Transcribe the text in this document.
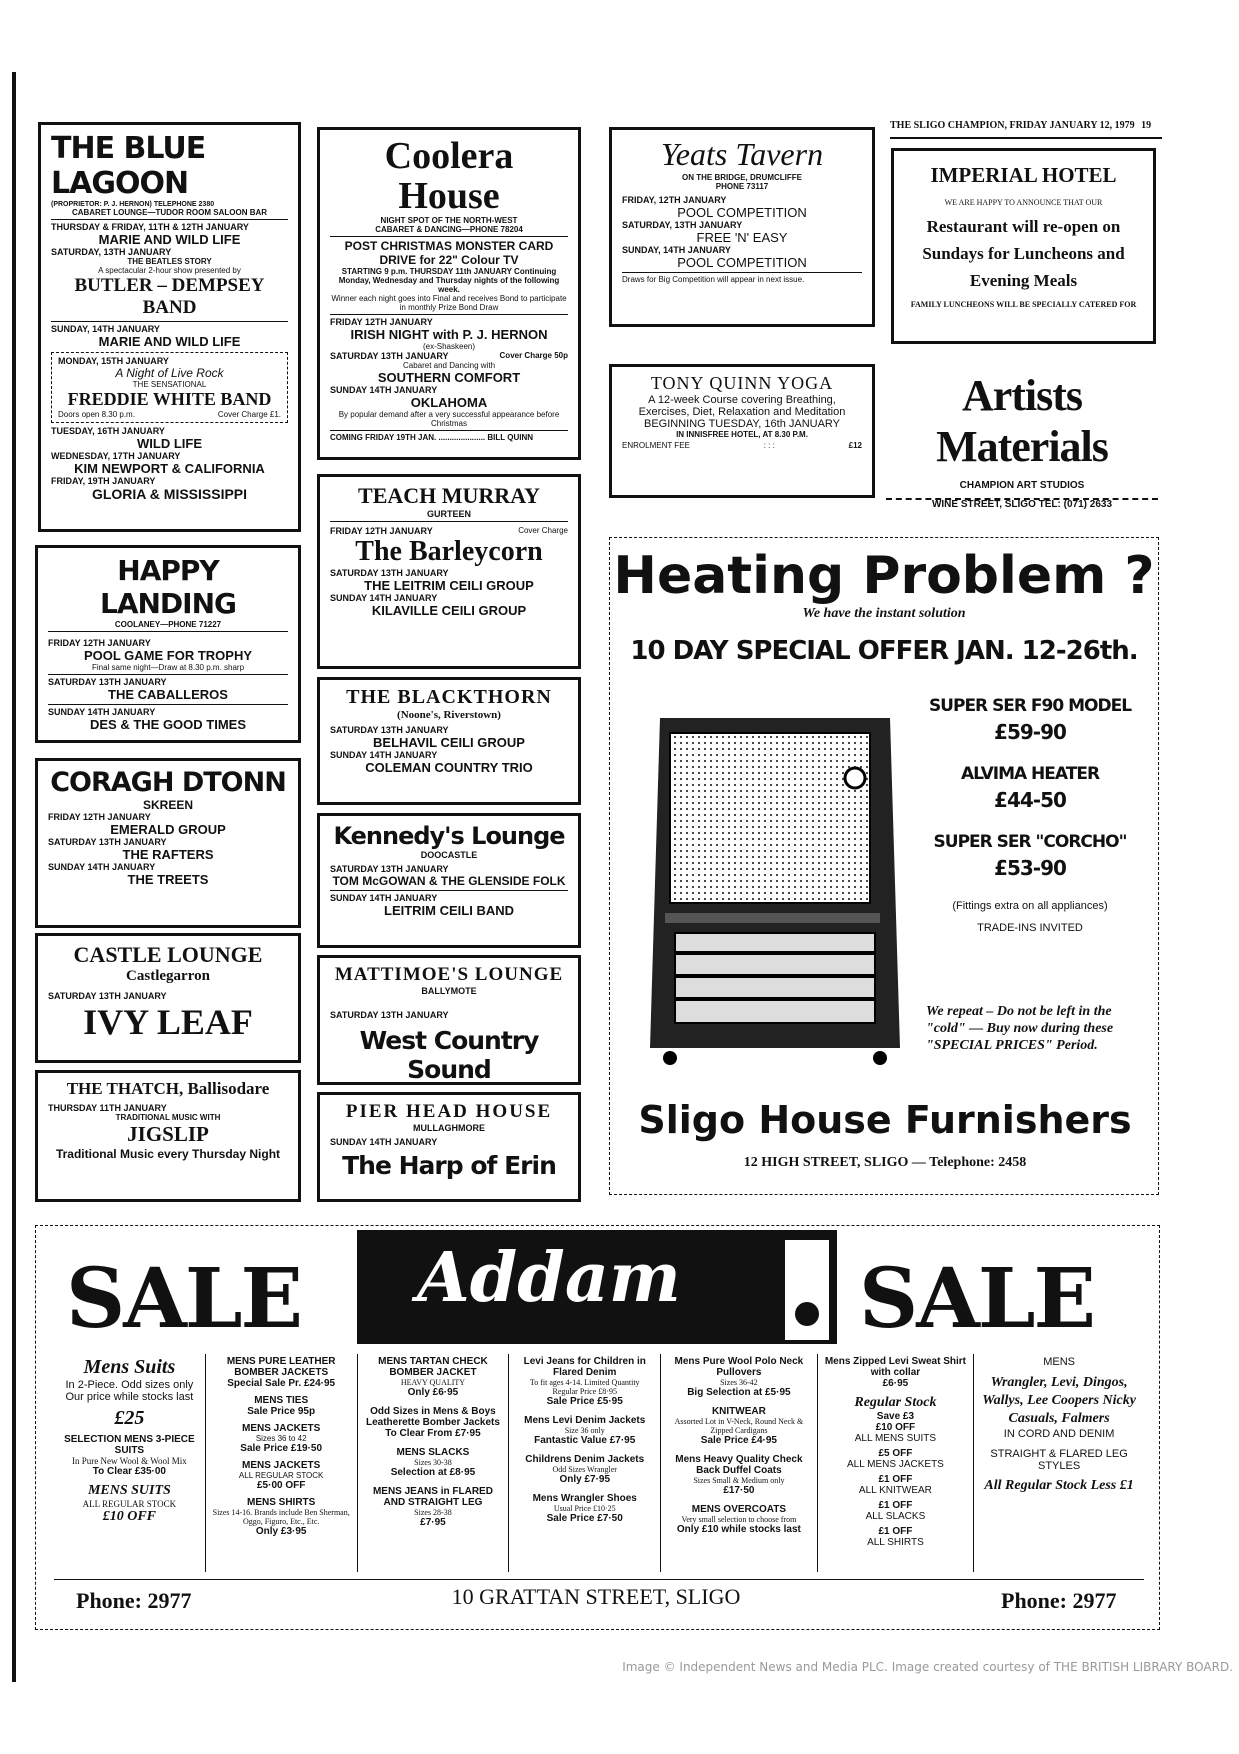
THE SLIGO CHAMPION, FRIDAY JANUARY 12, 1979 19
THE BLUE LAGOON
(PROPRIETOR: P. J. HERNON) TELEPHONE 2380
CABARET LOUNGE—TUDOR ROOM SALOON BAR
THURSDAY & FRIDAY, 11TH & 12TH JANUARY
MARIE AND WILD LIFE
SATURDAY, 13TH JANUARY
THE BEATLES STORY
A spectacular 2-hour show presented by
BUTLER – DEMPSEY BAND
SUNDAY, 14TH JANUARY
MARIE AND WILD LIFE
MONDAY, 15TH JANUARY
A Night of Live Rock
THE SENSATIONAL
FREDDIE WHITE BAND
Doors open 8.30 p.m.	Cover Charge £1.
TUESDAY, 16TH JANUARY
WILD LIFE
WEDNESDAY, 17TH JANUARY
KIM NEWPORT & CALIFORNIA
FRIDAY, 19TH JANUARY
GLORIA & MISSISSIPPI
HAPPY LANDING
COOLANEY—PHONE 71227
FRIDAY 12TH JANUARY
POOL GAME FOR TROPHY
Final same night—Draw at 8.30 p.m. sharp
SATURDAY 13TH JANUARY
THE CABALLEROS
SUNDAY 14TH JANUARY
DES & THE GOOD TIMES
CORAGH DTONN
SKREEN
FRIDAY 12TH JANUARY
EMERALD GROUP
SATURDAY 13TH JANUARY
THE RAFTERS
SUNDAY 14TH JANUARY
THE TREETS
CASTLE LOUNGE
Castlegarron
SATURDAY 13TH JANUARY
IVY LEAF
THE THATCH, Ballisodare
THURSDAY 11TH JANUARY
TRADITIONAL MUSIC WITH
JIGSLIP
Traditional Music every Thursday Night
Coolera House
NIGHT SPOT OF THE NORTH-WEST
CABARET & DANCING—PHONE 78204
POST CHRISTMAS MONSTER CARD DRIVE for 22" Colour TV
STARTING 9 p.m. THURSDAY 11th JANUARY Continuing Monday, Wednesday and Thursday nights of the following week.
Winner each night goes into Final and receives Bond to participate in monthly Prize Bond Draw
FRIDAY 12TH JANUARY
IRISH NIGHT with P. J. HERNON
(ex-Shaskeen)
SATURDAY 13TH JANUARY	Cover Charge 50p
Cabaret and Dancing with
SOUTHERN COMFORT
SUNDAY 14TH JANUARY
OKLAHOMA
By popular demand after a very successful appearance before Christmas
COMING FRIDAY 19TH JAN. ..................... BILL QUINN
TEACH MURRAY
GURTEEN
FRIDAY 12TH JANUARY	Cover Charge
The Barleycorn
SATURDAY 13TH JANUARY
THE LEITRIM CEILI GROUP
SUNDAY 14TH JANUARY
KILAVILLE CEILI GROUP
THE BLACKTHORN
(Noone's, Riverstown)
SATURDAY 13TH JANUARY
BELHAVIL CEILI GROUP
SUNDAY 14TH JANUARY
COLEMAN COUNTRY TRIO
Kennedy's Lounge
DOOCASTLE
SATURDAY 13TH JANUARY
TOM McGOWAN & THE GLENSIDE FOLK
SUNDAY 14TH JANUARY
LEITRIM CEILI BAND
MATTIMOE'S LOUNGE
BALLYMOTE
SATURDAY 13TH JANUARY
West Country Sound
PIER HEAD HOUSE
MULLAGHMORE
SUNDAY 14TH JANUARY
The Harp of Erin
Yeats Tavern
ON THE BRIDGE, DRUMCLIFFE
PHONE 73117
FRIDAY, 12TH JANUARY
POOL COMPETITION
SATURDAY, 13TH JANUARY
FREE 'N' EASY
SUNDAY, 14TH JANUARY
POOL COMPETITION
Draws for Big Competition will appear in next issue.
IMPERIAL HOTEL
WE ARE HAPPY TO ANNOUNCE THAT OUR
Restaurant will re-open on Sundays for Luncheons and Evening Meals
FAMILY LUNCHEONS WILL BE SPECIALLY CATERED FOR
TONY QUINN YOGA
A 12-week Course covering Breathing, Exercises, Diet, Relaxation and Meditation
BEGINNING TUESDAY, 16th JANUARY
IN INNISFREE HOTEL, AT 8.30 P.M.
ENROLMENT FEE	: : :	£12
Artists Materials
CHAMPION ART STUDIOS
WINE STREET, SLIGO TEL: (071) 2633
Heating Problem ?
We have the instant solution
10 DAY SPECIAL OFFER JAN. 12-26th.
SUPER SER F90 MODEL
£59-90
ALVIMA HEATER
£44-50
SUPER SER "CORCHO"
£53-90
(Fittings extra on all appliances)
TRADE-INS INVITED
We repeat – Do not be left in the "cold" — Buy now during these "SPECIAL PRICES" Period.
Sligo House Furnishers
12 HIGH STREET, SLIGO — Telephone: 2458
SALE Addam SALE
Mens Suits
In 2-Piece. Odd sizes only Our price while stocks last
£25
SELECTION MENS 3-PIECE SUITS
In Pure New Wool & Wool Mix
To Clear £35·00
MENS SUITS
ALL REGULAR STOCK
£10 OFF
MENS PURE LEATHER BOMBER JACKETS
Special Sale Pr. £24·95
MENS TIES
Sale Price 95p
MENS JACKETS
Sizes 36 to 42
Sale Price £19·50
MENS JACKETS
ALL REGULAR STOCK
£5·00 OFF
MENS SHIRTS
Sizes 14-16. Brands include Ben Sherman, Oggo, Figuro, Etc., Etc.
Only £3·95
MENS TARTAN CHECK BOMBER JACKET
HEAVY QUALITY
Only £6·95
Odd Sizes in Mens & Boys Leatherette Bomber Jackets
To Clear From £7·95
MENS SLACKS
Sizes 30-38
Selection at £8·95
MENS JEANS in FLARED AND STRAIGHT LEG
Sizes 28-38
£7·95
Levi Jeans for Children in Flared Denim
To fit ages 4-14. Limited Quantity
Regular Price £8·95
Sale Price £5·95
Mens Levi Denim Jackets
Size 36 only
Fantastic Value £7·95
Childrens Denim Jackets
Odd Sizes Wrangler
Only £7·95
Mens Wrangler Shoes
Usual Price £10·25
Sale Price £7·50
Mens Pure Wool Polo Neck Pullovers
Sizes 36-42
Big Selection at £5·95
KNITWEAR
Assorted Lot in V-Neck, Round Neck & Zipped Cardigans
Sale Price £4·95
Mens Heavy Quality Check Back Duffel Coats
Sizes Small & Medium only
£17·50
MENS OVERCOATS
Very small selection to choose from
Only £10 while stocks last
Mens Zipped Levi Sweat Shirt with collar
£6·95
Regular Stock
Save £3
£10 OFF
ALL MENS SUITS
£5 OFF
ALL MENS JACKETS
£1 OFF
ALL KNITWEAR
£1 OFF
ALL SLACKS
£1 OFF
ALL SHIRTS
MENS
Wrangler, Levi, Dingos, Wallys, Lee Coopers Nicky Casuals, Falmers
IN CORD AND DENIM
STRAIGHT & FLARED LEG STYLES
All Regular Stock Less £1
Phone: 2977	10 GRATTAN STREET, SLIGO	Phone: 2977
Image © Independent News and Media PLC. Image created courtesy of THE BRITISH LIBRARY BOARD.
